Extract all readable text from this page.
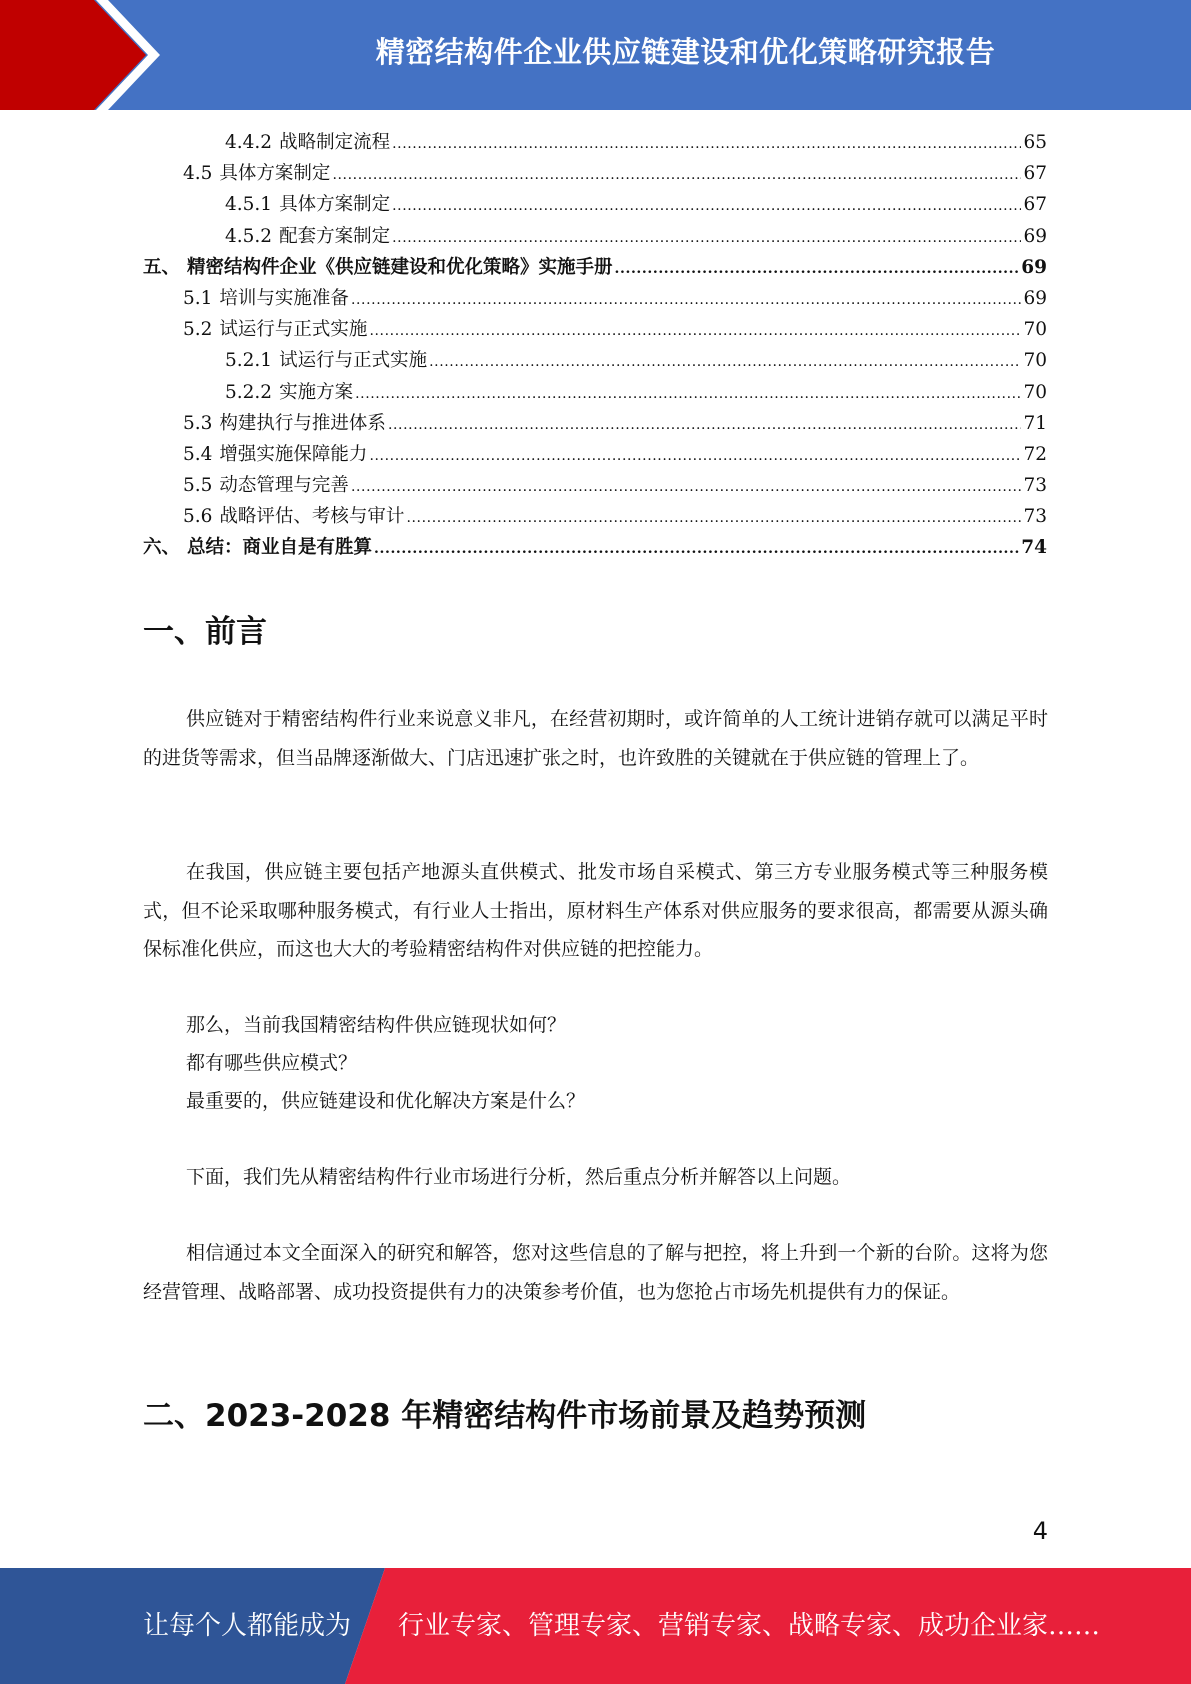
精密结构件企业供应链建设和优化策略研究报告
4.4.2 战略制定流程 .....	65
4.5 具体方案制定 .....	67
4.5.1 具体方案制定 .....	67
4.5.2 配套方案制定 .....	69
五、 精密结构件企业《供应链建设和优化策略》实施手册 .....	69
5.1 培训与实施准备 .....	69
5.2 试运行与正式实施 .....	70
5.2.1 试运行与正式实施 .....	70
5.2.2 实施方案 .....	70
5.3 构建执行与推进体系 .....	71
5.4 增强实施保障能力 .....	72
5.5 动态管理与完善 .....	73
5.6 战略评估、考核与审计 .....	73
六、 总结：商业自是有胜算 .....	74
一、前言

供应链对于精密结构件行业来说意义非凡，在经营初期时，或许简单的人工统计进销存就可以满足平时的进货等需求，但当品牌逐渐做大、门店迅速扩张之时，也许致胜的关键就在于供应链的管理上了。

在我国，供应链主要包括产地源头直供模式、批发市场自采模式、第三方专业服务模式等三种服务模式，但不论采取哪种服务模式，有行业人士指出，原材料生产体系对供应服务的要求很高，都需要从源头确保标准化供应，而这也大大的考验精密结构件对供应链的把控能力。

那么，当前我国精密结构件供应链现状如何？

都有哪些供应模式？

最重要的，供应链建设和优化解决方案是什么？

下面，我们先从精密结构件行业市场进行分析，然后重点分析并解答以上问题。

相信通过本文全面深入的研究和解答，您对这些信息的了解与把控，将上升到一个新的台阶。这将为您经营管理、战略部署、成功投资提供有力的决策参考价值，也为您抢占市场先机提供有力的保证。

二、2023-2028 年精密结构件市场前景及趋势预测
4
让每个人都能成为 行业专家、管理专家、营销专家、战略专家、成功企业家……
